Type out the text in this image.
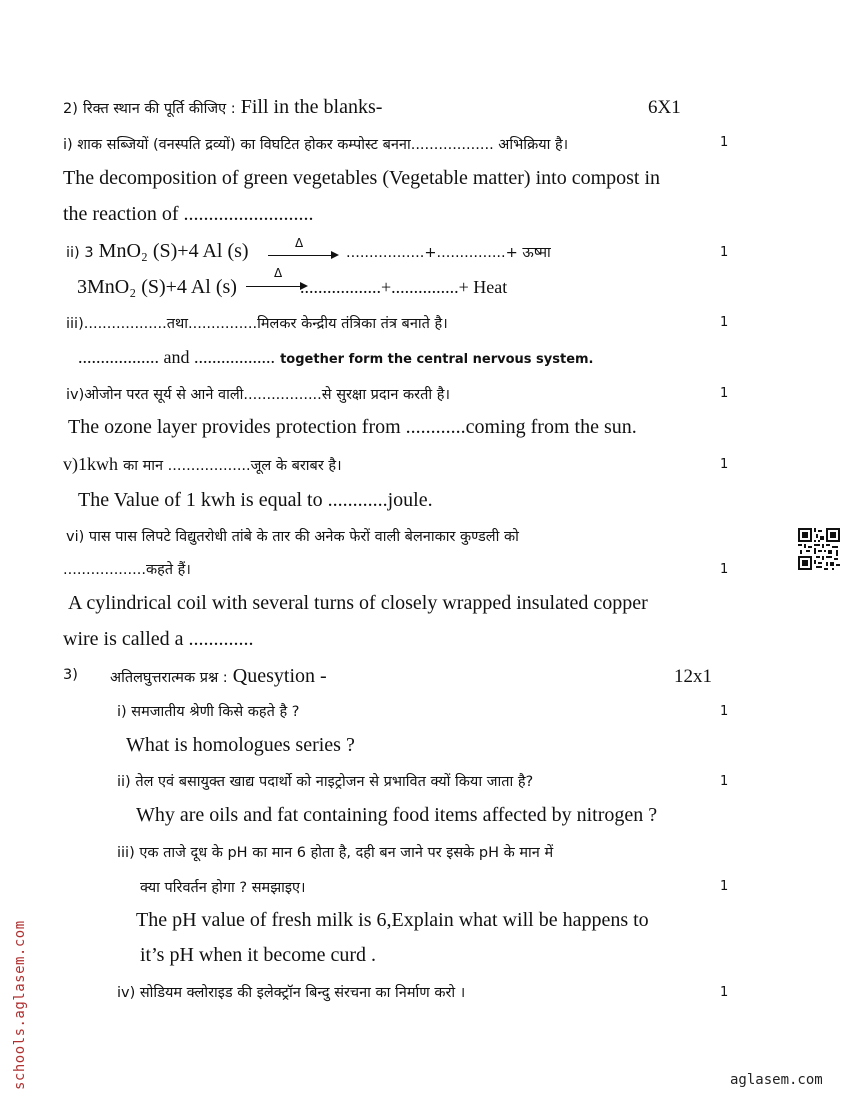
2) रिक्त स्थान की पूर्ति कीजिए : Fill in the blanks-	6X1
i) शाक सब्जियों (वनस्पति द्रव्यों) का विघटित होकर कम्पोस्ट बनना.................. अभिक्रिया है।	1
The decomposition of green vegetables (Vegetable matter) into compost in
the reaction of ..........................
ii) 3 MnO₂ (S)+4 Al (s)	Δ
.................+...............+ ऊष्मा	1
3MnO₂ (S)+4 Al (s)
Δ
..................+...............+ Heat
iii)..................तथा...............मिलकर केन्द्रीय तंत्रिका तंत्र बनाते है।	1
.................. and .................. together form the central nervous system.
iv)ओजोन परत सूर्य से आने वाली.................से सुरक्षा प्रदान करती है।	1
The ozone layer provides protection from ............coming from the sun.
v)1kwh का मान ..................जूल के बराबर है।	1
The Value of 1 kwh is equal to ............joule.
vi) पास पास लिपटे विद्युतरोधी तांबे के तार की अनेक फेरों वाली बेलनाकार कुण्डली को
..................कहते हैं।	1
A cylindrical coil with several turns of closely wrapped insulated copper
wire is called a .............
3) अतिलघुत्तरात्मक प्रश्न : Quesytion -	12x1
i) समजातीय श्रेणी किसे कहते है ?	1
What is homologues series ?
ii) तेल एवं बसायुक्त खाद्य पदार्थो को नाइट्रोजन से प्रभावित क्यों किया जाता है?	1
Why are oils and fat containing food items affected by nitrogen ?
iii) एक ताजे दूध के pH का मान 6 होता है, दही बन जाने पर इसके pH के मान में
क्या परिवर्तन होगा ? समझाइए।	1
The pH value of fresh milk is 6,Explain what will be happens to
it’s pH when it become curd .
iv) सोडियम क्लोराइड की इलेक्ट्रॉन बिन्दु संरचना का निर्माण करो ।	1
schools.aglasem.com	aglasem.com
